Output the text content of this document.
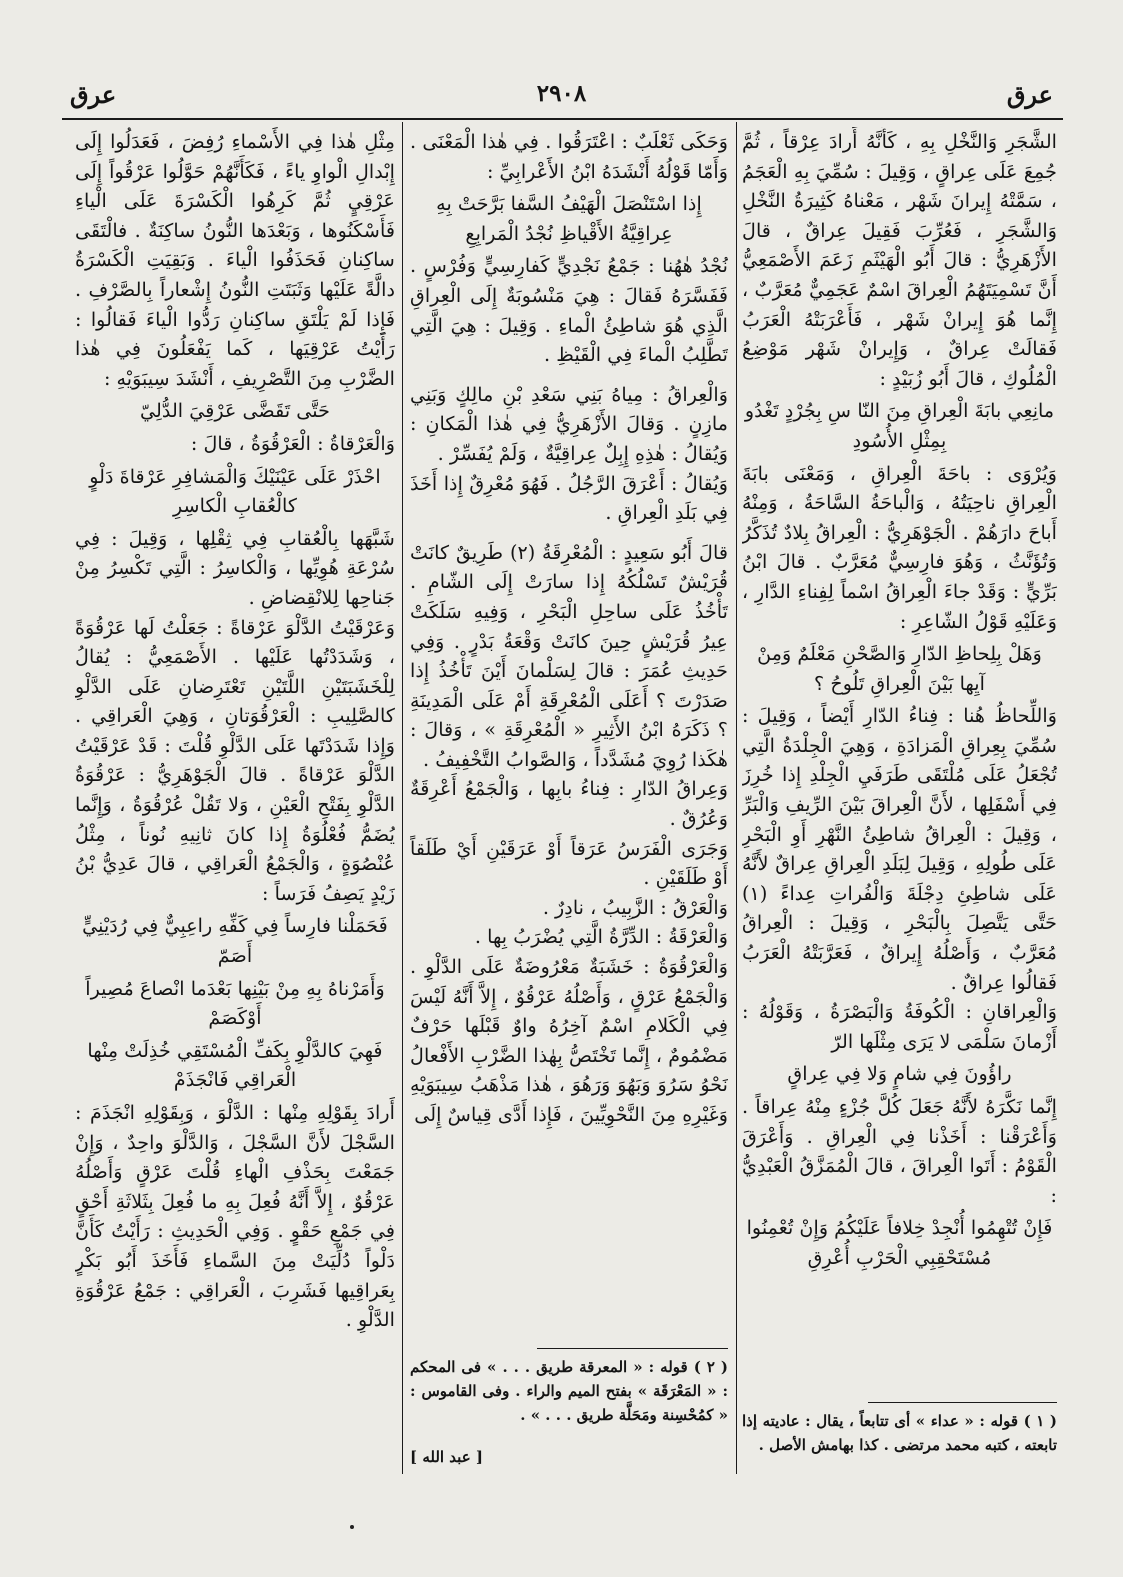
عرق
٢٩٠٨
عرق

الشَّجَرِ وَالنَّخْلِ بِهِ ، كَأَنَّهُ أَرادَ عِرْقاً ، ثُمَّ جُمِعَ عَلَى عِراقٍ ، وَقِيلَ : سُمِّيَ بِهِ الْعَجَمُ ، سَمَّتْهُ إِيرانَ شَهْر ، مَعْناهُ كَثِيرَةُ النَّخْلِ وَالشَّجَرِ ، فَعُرِّبَ فَقِيلَ عِراقٌ ، قالَ الأَزْهَرِيُّ : قالَ أَبُو الْهَيْثَمِ زَعَمَ الأَصْمَعِيُّ أَنَّ تَسْمِيَتَهُمُ الْعِراقَ اسْمٌ عَجَمِيٌّ مُعَرَّبٌ ، إِنَّما هُوَ إِيرانْ شَهْر ، فَأَعْرَبَتْهُ الْعَرَبُ فَقالَتْ عِراقٌ ، وَإِيرانْ شَهْر مَوْضِعُ الْمُلُوكِ ، قالَ أَبُو زُبَيْدٍ :

مانِعِي بابَةَ الْعِراقِ مِنَ النّا سِ بِجُرْدٍ تَغْدُو بِمِثْلِ الأُسُودِ

وَيُرْوَى : باحَةَ الْعِراقِ ، وَمَعْنَى بابَةَ الْعِراقِ ناحِيَتُهُ ، وَالْباحَةُ السَّاحَةُ ، وَمِنْهُ أَباحَ دارَهُمْ . الْجَوْهَرِيُّ : الْعِراقُ بِلادٌ تُذَكَّرُ وَتُؤَنَّثُ ، وَهُوَ فارِسِيٌّ مُعَرَّبٌ . قالَ ابْنُ بَرِّيٍّ : وَقَدْ جاءَ الْعِراقُ اسْماً لِفِناءِ الدَّارِ ، وَعَلَيْهِ قَوْلُ الشّاعِرِ :

وَهَلْ بِلِحاظِ الدّارِ وَالصَّحْنِ مَعْلَمٌ وَمِنْ آيِها بَيْنَ الْعِراقِ تَلُوحُ ؟

وَاللِّحاظُ هُنا : فِناءُ الدّارِ أَيْضاً ، وَقِيلَ : سُمِّيَ بِعِراقِ الْمَزادَةِ ، وَهِيَ الْجِلْدَةُ الَّتِي تُجْعَلُ عَلَى مُلْتَقَى طَرَفَيِ الْجِلْدِ إِذا خُرِزَ فِي أَسْفَلِها ، لأَنَّ الْعِراقَ بَيْنَ الرِّيفِ وَالْبَرِّ ، وَقِيلَ : الْعِراقُ شاطِئُ النَّهْرِ أَوِ الْبَحْرِ عَلَى طُولِهِ ، وَقِيلَ لِبَلَدِ الْعِراقِ عِراقٌ لأَنَّهُ عَلَى شاطِئِ دِجْلَةَ وَالْفُراتِ عِداءً (١) حَتَّى يَتَّصِلَ بِالْبَحْرِ ، وَقِيلَ : الْعِراقُ مُعَرَّبٌ ، وَأَصْلُهُ إِيراقٌ ، فَعَرَّبَتْهُ الْعَرَبُ فَقالُوا عِراقٌ .

وَالْعِراقانِ : الْكُوفَةُ وَالْبَصْرَةُ ، وَقَوْلُهُ : أَزْمانَ سَلْمَى لا يَرَى مِثْلَها الرّ

راؤُونَ فِي شامٍ وَلا فِي عِراقٍ

إِنَّما نَكَّرَهُ لأَنَّهُ جَعَلَ كُلَّ جُزْءٍ مِنْهُ عِراقاً . وَأَعْرَقْنا : أَخَذْنا فِي الْعِراقِ . وَأَعْرَقَ الْقَوْمُ : أَتَوا الْعِراقَ ، قالَ الْمُمَزَّقُ الْعَبْدِيُّ :

فَإِنْ تُتْهِمُوا أُنْجِدْ خِلافاً عَلَيْكُمُ وَإِنْ تُعْمِنُوا مُسْتَحْقِبِي الْحَرْبِ أُعْرِقِ

وَحَكَى ثَعْلَبٌ : اعْتَرَقُوا . فِي هٰذا الْمَعْنَى . وَأَمّا قَوْلُهُ أَنْشَدَهُ ابْنُ الأَعْرابِيِّ :

إِذا اسْتَنْصَلَ الْهَيْفُ السَّفا بَرَّحَتْ بِهِ عِراقِيَّةُ الأَقْياظِ نُجْدُ الْمَرابِعِ

نُجْدُ هٰهُنا : جَمْعُ نَجْدِيٍّ كَفارِسِيٍّ وَفُرْسٍ . فَفَسَّرَهُ فَقالَ : هِيَ مَنْسُوبَةٌ إِلَى الْعِراقِ الَّذِي هُوَ شاطِئُ الْماءِ . وَقِيلَ : هِيَ الَّتِي تَطَّلِبُ الْماءَ فِي الْقَيْظِ .

وَالْعِراقُ : مِياهُ بَنِي سَعْدِ بْنِ مالِكٍ وَبَنِي مازِنٍ . وَقالَ الأَزْهَرِيُّ فِي هٰذا الْمَكانِ : وَيُقالُ : هٰذِهِ إِبِلٌ عِراقِيَّةٌ ، وَلَمْ يُفَسِّرْ .

وَيُقالُ : أَعْرَقَ الرَّجُلُ . فَهُوَ مُعْرِقٌ إِذا أَخَذَ فِي بَلَدِ الْعِراقِ .

قالَ أَبُو سَعِيدٍ : الْمُعْرِقَةُ (٢) طَرِيقٌ كانَتْ قُرَيْشٌ تَسْلُكُهُ إِذا سارَتْ إِلَى الشّامِ . تَأْخُذُ عَلَى ساحِلِ الْبَحْرِ ، وَفِيهِ سَلَكَتْ عِيرُ قُرَيْشٍ حِينَ كانَتْ وَقْعَةُ بَدْرٍ . وَفِي حَدِيثِ عُمَرَ : قالَ لِسَلْمانَ أَيْنَ تَأْخُذُ إِذا صَدَرْتَ ؟ أَعَلَى الْمُعْرِقَةِ أَمْ عَلَى الْمَدِينَةِ ؟ ذَكَرَهُ ابْنُ الأَثِيرِ « الْمُعْرِقَةِ » ، وَقالَ : هٰكَذا رُوِيَ مُشَدَّداً ، وَالصَّوابُ التَّخْفِيفُ .

وَعِراقُ الدّارِ : فِناءُ بابِها ، وَالْجَمْعُ أَعْرِقَةٌ وَعُرُقٌ .

وَجَرَى الْفَرَسُ عَرَقاً أَوْ عَرَقَيْنِ أَيْ طَلَقاً أَوْ طَلَقَيْنِ .

وَالْعَرْقُ : الزَّبِيبُ ، نادِرٌ .

وَالْعَرْقَةُ : الدِّرَّةُ الَّتِي يُضْرَبُ بِها .

وَالْعَرْقُوَةُ : خَشَبَةٌ مَعْرُوضَةٌ عَلَى الدَّلْوِ . وَالْجَمْعُ عَرْقٍ ، وَأَصْلُهُ عَرْقُوٌ ، إِلاَّ أَنَّهُ لَيْسَ فِي الْكَلامِ اسْمٌ آخِرُهُ واوٌ قَبْلَها حَرْفٌ مَضْمُومٌ ، إِنَّما تَخْتَصُّ بِهٰذا الضَّرْبِ الأَفْعالُ نَحْوُ سَرُوَ وَبَهُوَ وَرَهُوَ ، هٰذا مَذْهَبُ سِيبَوَيْهِ وَغَيْرِهِ مِنَ النَّحْوِيِّينَ ، فَإِذا أَدَّى قِياسٌ إِلَى

مِثْلِ هٰذا فِي الأَسْماءِ رُفِضَ ، فَعَدَلُوا إِلَى إِبْدالِ الْواوِ ياءً ، فَكَأَنَّهُمْ حَوَّلُوا عَرْقُواً إِلَى عَرْقِيٍ ثُمَّ كَرِهُوا الْكَسْرَةَ عَلَى الْياءِ فَأَسْكَنُوها ، وَبَعْدَها النُّونُ ساكِنَةٌ . فالْتَقَى ساكِنانِ فَحَذَفُوا الْياءَ . وَبَقِيَتِ الْكَسْرَةُ دالَّةً عَلَيْها وَثَبَتَتِ النُّونُ إِشْعاراً بِالصَّرْفِ . فَإِذا لَمْ يَلْتَقِ ساكِنانِ رَدُّوا الْياءَ فَقالُوا : رَأَيْتُ عَرْقِيَها ، كَما يَفْعَلُونَ فِي هٰذا الضَّرْبِ مِنَ التَّصْرِيفِ ، أَنْشَدَ سِيبَوَيْهِ :

حَتَّى تَقَضَّى عَرْقِيَ الدُّلِيّ

وَالْعَرْقاةُ : الْعَرْقُوَةُ ، قالَ :

احْذَرْ عَلَى عَيْنَيْكَ وَالْمَشافِرِ عَرْقاةَ دَلْوٍ كالْعُقابِ الْكاسِرِ

شَبَّهَها بِالْعُقابِ فِي ثِقْلِها ، وَقِيلَ : فِي سُرْعَةِ هُوِيِّها ، وَالْكاسِرُ : الَّتِي تَكْسِرُ مِنْ جَناحِها لِلانْقِضاضِ .

وَعَرْقَيْتُ الدَّلْوَ عَرْقاةً : جَعَلْتُ لَها عَرْقُوَةً ، وَشَدَدْتُها عَلَيْها . الأَصْمَعِيُّ : يُقالُ لِلْخَشَبَتَيْنِ اللَّتَيْنِ تَعْتَرِضانِ عَلَى الدَّلْوِ كالصَّلِيبِ : الْعَرْقُوَتانِ ، وَهِيَ الْعَراقِي . وَإِذا شَدَدْتَها عَلَى الدَّلْوِ قُلْتَ : قَدْ عَرْقَيْتُ الدَّلْوَ عَرْقاةً . قالَ الْجَوْهَرِيُّ : عَرْقُوَةُ الدَّلْوِ بِفَتْحِ الْعَيْنِ ، وَلا تَقُلْ عُرْقُوَةُ ، وَإِنَّما يُضَمُّ فُعْلُوَةُ إِذا كانَ ثانِيهِ نُوناً ، مِثْلُ عُنْصُوَةٍ ، وَالْجَمْعُ الْعَراقِي ، قالَ عَدِيُّ بْنُ زَيْدٍ يَصِفُ فَرَساً :

فَحَمَلْنا فارِساً فِي كَفِّهِ راعِبِيٌّ فِي رُدَيْنِيٍّ أَصَمّ

وَأَمَرْناهُ بِهِ مِنْ بَيْنِها بَعْدَما انْصاعَ مُصِيراً أَوْكَصَمْ

فَهِيَ كالدَّلْوِ بِكَفِّ الْمُسْتَقِي خُذِلَتْ مِنْها الْعَراقِي فَانْجَذَمْ

أَرادَ بِقَوْلِهِ مِنْها : الدَّلْوَ ، وَبِقَوْلِهِ انْجَذَمَ : السَّجْلَ لأَنَّ السَّجْلَ ، وَالدَّلْوَ واحِدٌ ، وَإِنْ جَمَعْتَ بِحَذْفِ الْهاءِ قُلْتَ عَرْقٍ وَأَصْلُهُ عَرْقُوٌ ، إِلاَّ أَنَّهُ فُعِلَ بِهِ ما فُعِلَ بِثَلاثَةِ أَحْقٍ فِي جَمْعِ حَقْوٍ . وَفِي الْحَدِيثِ : رَأَيْتُ كَأَنَّ دَلْواً دُلِّيَتْ مِنَ السَّماءِ فَأَخَذَ أَبُو بَكْرٍ بِعَراقِيها فَشَرِبَ ، الْعَراقِي : جَمْعُ عَرْقُوَةِ الدَّلْوِ .

( ١ ) قوله : « عداء » أى تتابعاً ، يقال : عاديته إذا تابعته ، كتبه محمد مرتضى . كذا بهامش الأصل .
( ٢ ) قوله : « المعرقة طريق . . . » فى المحكم : « المَعْرَقَة » بفتح الميم والراء . وفى القاموس : « كمُحْسِنة ومَحَلَّة طريق . . . » .
[ عبد الله ]
